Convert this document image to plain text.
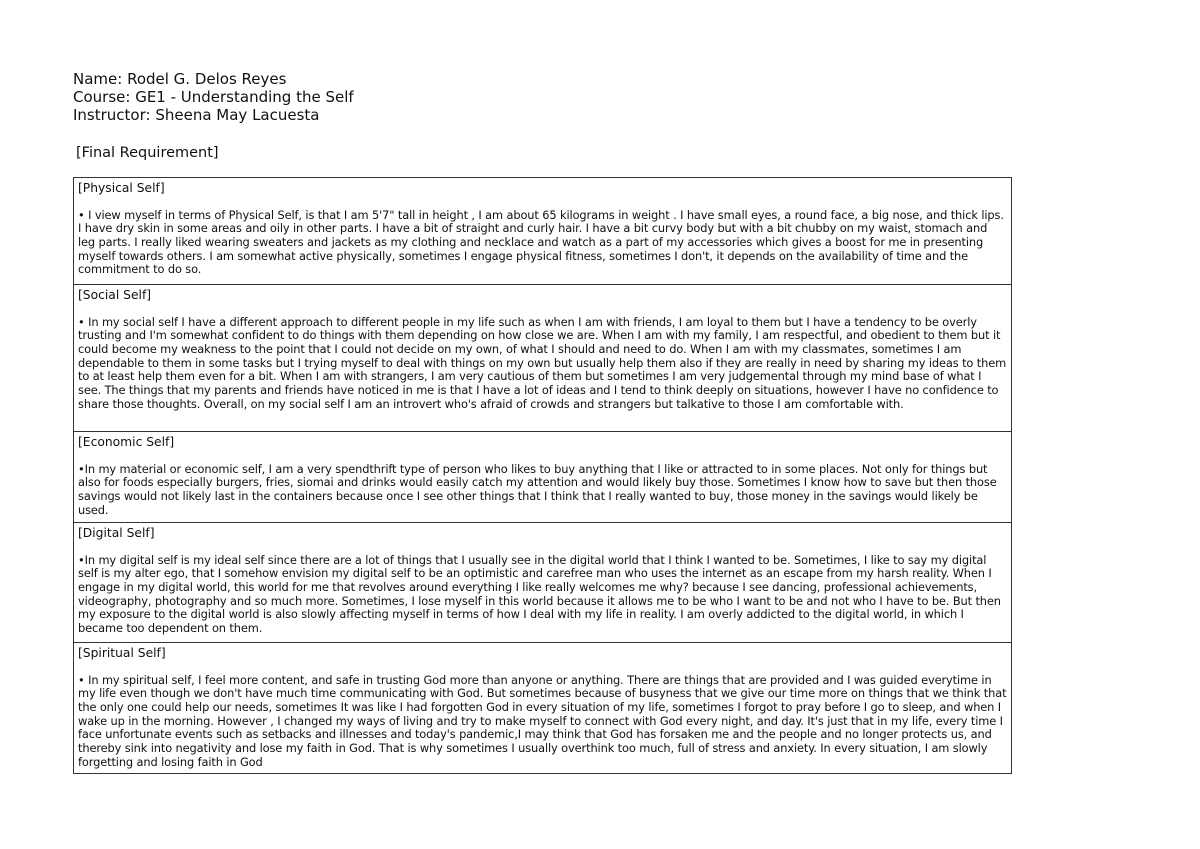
Name: Rodel G. Delos Reyes
Course: GE1 - Understanding the Self
Instructor: Sheena May Lacuesta
[Final Requirement]
[Physical Self]
• I view myself in terms of Physical Self, is that I am 5'7" tall in height , I am about 65 kilograms in weight . I have small eyes, a round face, a big nose, and thick lips. I have dry skin in some areas and oily in other parts. I have a bit of straight and curly hair. I have a bit curvy body but with a bit chubby on my waist, stomach and leg parts. I really liked wearing sweaters and jackets as my clothing and necklace and watch as a part of my accessories which gives a boost for me in presenting myself towards others. I am somewhat active physically, sometimes I engage physical fitness, sometimes I don't, it depends on the availability of time and the commitment to do so.
[Social Self]
• In my social self I have a different approach to different people in my life such as when I am with friends, I am loyal to them but I have a tendency to be overly trusting and I'm somewhat confident to do things with them depending on how close we are. When I am with my family, I am respectful, and obedient to them but it could become my weakness to the point that I could not decide on my own, of what I should and need to do. When I am with my classmates, sometimes I am dependable to them in some tasks but I trying myself to deal with things on my own but usually help them also if they are really in need by sharing my ideas to them to at least help them even for a bit. When I am with strangers, I am very cautious of them but sometimes I am very judgemental through my mind base of what I see. The things that my parents and friends have noticed in me is that I have a lot of ideas and I tend to think deeply on situations, however I have no confidence to share those thoughts. Overall, on my social self I am an introvert who's afraid of crowds and strangers but talkative to those I am comfortable with.
[Economic Self]
•In my material or economic self, I am a very spendthrift type of person who likes to buy anything that I like or attracted to in some places. Not only for things but also for foods especially burgers, fries, siomai and drinks would easily catch my attention and would likely buy those. Sometimes I know how to save but then those savings would not likely last in the containers because once I see other things that I think that I really wanted to buy, those money in the savings would likely be used.
[Digital Self]
•In my digital self is my ideal self since there are a lot of things that I usually see in the digital world that I think I wanted to be. Sometimes, I like to say my digital self is my alter ego, that I somehow envision my digital self to be an optimistic and carefree man who uses the internet as an escape from my harsh reality. When I engage in my digital world, this world for me that revolves around everything I like really welcomes me why? because I see dancing, professional achievements, videography, photography and so much more. Sometimes, I lose myself in this world because it allows me to be who I want to be and not who I have to be. But then my exposure to the digital world is also slowly affecting myself in terms of how I deal with my life in reality. I am overly addicted to the digital world, in which I became too dependent on them.
[Spiritual Self]
• In my spiritual self, I feel more content, and safe in trusting God more than anyone or anything. There are things that are provided and I was guided everytime in my life even though we don't have much time communicating with God. But sometimes because of busyness that we give our time more on things that we think that the only one could help our needs, sometimes It was like I had forgotten God in every situation of my life, sometimes I forgot to pray before I go to sleep, and when I wake up in the morning. However , I changed my ways of living and try to make myself to connect with God every night, and day. It's just that in my life, every time I face unfortunate events such as setbacks and illnesses and today's pandemic,I may think that God has forsaken me and the people and no longer protects us, and thereby sink into negativity and lose my faith in God. That is why sometimes I usually overthink too much, full of stress and anxiety. In every situation, I am slowly forgetting and losing faith in God
